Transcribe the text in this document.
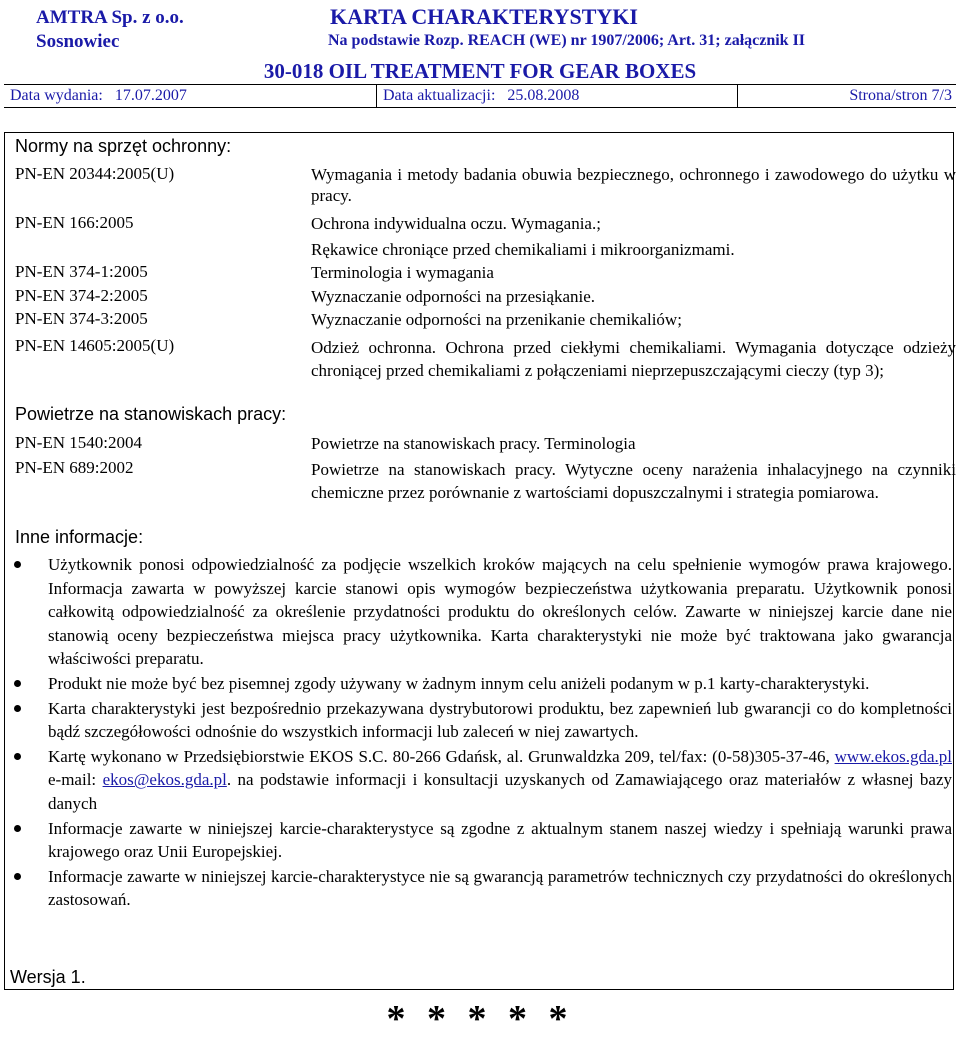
AMTRA Sp. z o.o.
Sosnowiec
KARTA CHARAKTERYSTYKI
Na podstawie Rozp. REACH (WE) nr 1907/2006; Art. 31; załącznik II
30-018 OIL TREATMENT FOR GEAR BOXES
Data wydania: 17.07.2007	Data aktualizacji: 25.08.2008	Strona/stron 7/3
Normy na sprzęt ochronny:
PN-EN 20344:2005(U)	Wymagania i metody badania obuwia bezpiecznego, ochronnego i zawodowego do użytku w pracy.
PN-EN 166:2005	Ochrona indywidualna oczu. Wymagania.;
Rękawice chroniące przed chemikaliami i mikroorganizmami.
PN-EN 374-1:2005	Terminologia i wymagania
PN-EN 374-2:2005	Wyznaczanie odporności na przesiąkanie.
PN-EN 374-3:2005	Wyznaczanie odporności na przenikanie chemikaliów;
PN-EN 14605:2005(U)	Odzież ochronna. Ochrona przed ciekłymi chemikaliami. Wymagania dotyczące odzieży chroniącej przed chemikaliami z połączeniami nieprzepuszczającymi cieczy (typ 3);
Powietrze na stanowiskach pracy:
PN-EN 1540:2004	Powietrze na stanowiskach pracy. Terminologia
PN-EN 689:2002	Powietrze na stanowiskach pracy. Wytyczne oceny narażenia inhalacyjnego na czynniki chemiczne przez porównanie z wartościami dopuszczalnymi i strategia pomiarowa.
Inne informacje:
Użytkownik ponosi odpowiedzialność za podjęcie wszelkich kroków mających na celu spełnienie wymogów prawa krajowego. Informacja zawarta w powyższej karcie stanowi opis wymogów bezpieczeństwa użytkowania preparatu. Użytkownik ponosi całkowitą odpowiedzialność za określenie przydatności produktu do określonych celów. Zawarte w niniejszej karcie dane nie stanowią oceny bezpieczeństwa miejsca pracy użytkownika. Karta charakterystyki nie może być traktowana jako gwarancja właściwości preparatu.
Produkt nie może być bez pisemnej zgody używany w żadnym innym celu aniżeli podanym w p.1 karty-charakterystyki.
Karta charakterystyki jest bezpośrednio przekazywana dystrybutorowi produktu, bez zapewnień lub gwarancji co do kompletności bądź szczegółowości odnośnie do wszystkich informacji lub zaleceń w niej zawartych.
Kartę wykonano w Przedsiębiorstwie EKOS S.C. 80-266 Gdańsk, al. Grunwaldzka 209, tel/fax: (0-58)305-37-46, www.ekos.gda.pl e-mail: ekos@ekos.gda.pl. na podstawie informacji i konsultacji uzyskanych od Zamawiającego oraz materiałów z własnej bazy danych
Informacje zawarte w niniejszej karcie-charakterystyce są zgodne z aktualnym stanem naszej wiedzy i spełniają warunki prawa krajowego oraz Unii Europejskiej.
Informacje zawarte w niniejszej karcie-charakterystyce nie są gwarancją parametrów technicznych czy przydatności do określonych zastosowań.
Wersja 1.
* * * * *
